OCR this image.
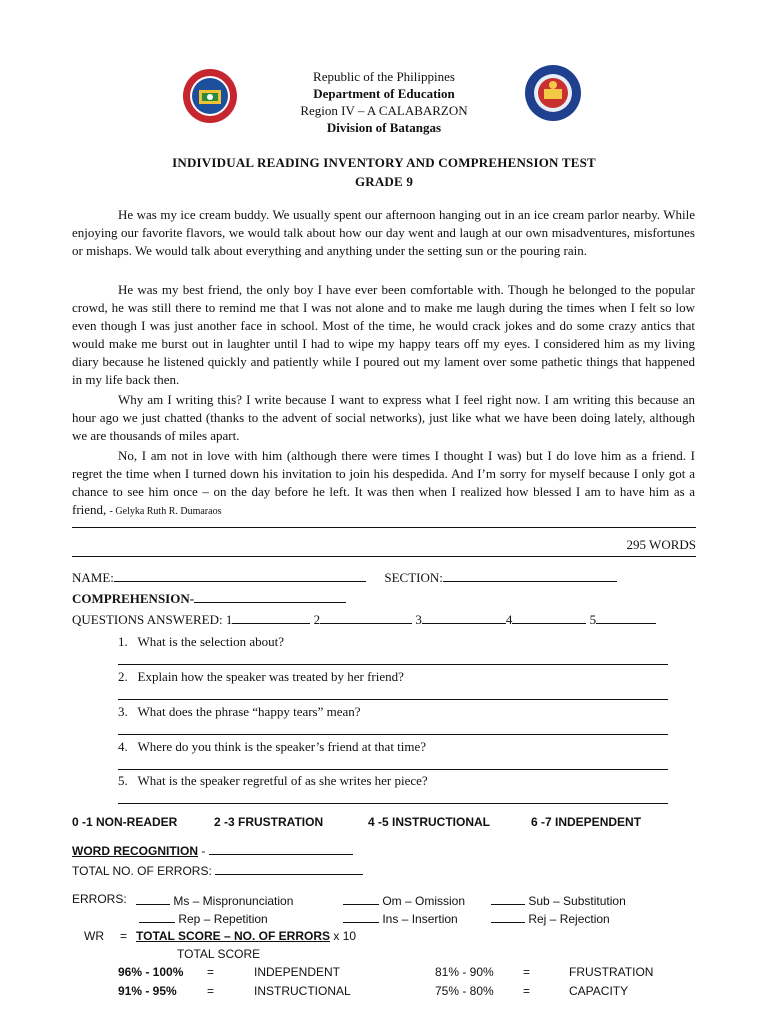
Republic of the Philippines
Department of Education
Region IV – A CALABARZON
Division of Batangas
INDIVIDUAL READING INVENTORY AND COMPREHENSION TEST
GRADE 9
He was my ice cream buddy. We usually spent our afternoon hanging out in an ice cream parlor nearby. While enjoying our favorite flavors, we would talk about how our day went and laugh at our own misadventures, misfortunes or mishaps. We would talk about everything and anything under the setting sun or the pouring rain.
He was my best friend, the only boy I have ever been comfortable with. Though he belonged to the popular crowd, he was still there to remind me that I was not alone and to make me laugh during the times when I felt so low even though I was just another face in school. Most of the time, he would crack jokes and do some crazy antics that would make me burst out in laughter until I had to wipe my happy tears off my eyes. I considered him as my living diary because he listened quickly and patiently while I poured out my lament over some pathetic things that happened in my life back then.
Why am I writing this? I write because I want to express what I feel right now. I am writing this because an hour ago we just chatted (thanks to the advent of social networks), just like what we have been doing lately, although we are thousands of miles apart.
No, I am not in love with him (although there were times I thought I was) but I do love him as a friend. I regret the time when I turned down his invitation to join his despedida. And I’m sorry for myself because I only got a chance to see him once – on the day before he left. It was then when I realized how blessed I am to have him as a friend, - Gelyka Ruth R. Dumaraos
295 WORDS
NAME:	SECTION:
COMPREHENSION-
QUESTIONS ANSWERED: 1	2	3	4	5
1.   What is the selection about?
2.   Explain how the speaker was treated by her friend?
3.   What does the phrase “happy tears” mean?
4.   Where do you think is the speaker’s friend at that time?
5.   What is the speaker regretful of as she writes her piece?
0 -1 NON-READER	2 -3 FRUSTRATION	4 -5 INSTRUCTIONAL	6 -7 INDEPENDENT
WORD RECOGNITION -
TOTAL NO. OF ERRORS:
ERRORS:	Ms – Mispronunciation	Om – Omission	Sub – Substitution
Rep – Repetition	Ins – Insertion	Rej – Rejection
WR = TOTAL SCORE – NO. OF ERRORS x 10
TOTAL SCORE
96% - 100% =	INDEPENDENT	81% - 90% =	FRUSTRATION
91% - 95%	=	INSTRUCTIONAL	75% - 80% =	CAPACITY
